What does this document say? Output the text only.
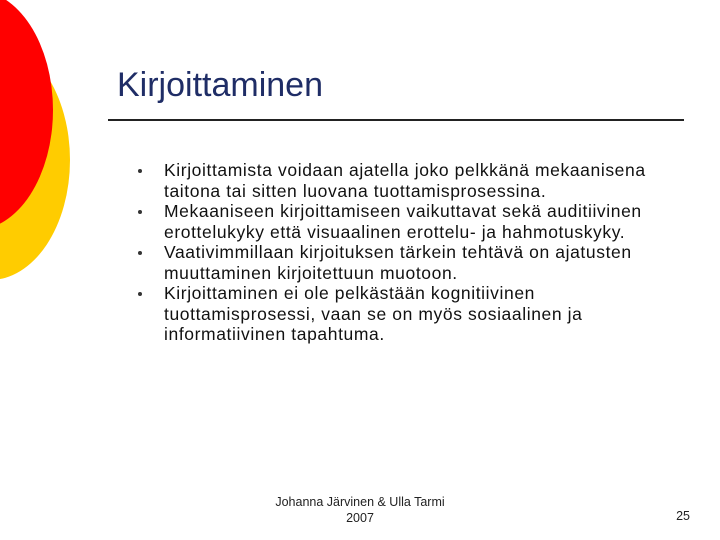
Kirjoittaminen
Kirjoittamista voidaan ajatella joko pelkkänä mekaanisena taitona tai sitten luovana tuottamisprosessina.
Mekaaniseen kirjoittamiseen vaikuttavat sekä auditiivinen erottelukyky että visuaalinen erottelu- ja hahmotuskyky.
Vaativimmillaan kirjoituksen tärkein tehtävä on ajatusten muuttaminen kirjoitettuun muotoon.
Kirjoittaminen ei ole pelkästään kognitiivinen tuottamisprosessi, vaan se on myös sosiaalinen ja informatiivinen tapahtuma.
Johanna Järvinen & Ulla Tarmi
2007	25
